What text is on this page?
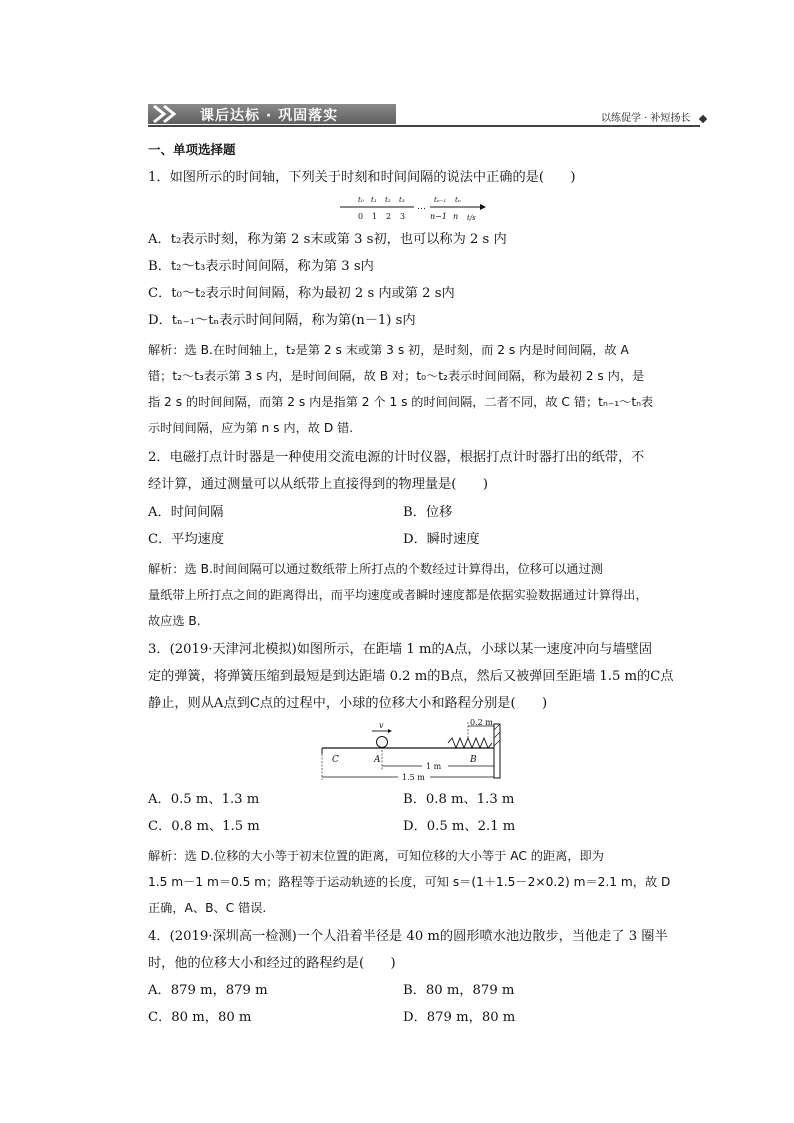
课后达标 · 巩固落实	以练促学 · 补短扬长
一、单项选择题
1．如图所示的时间轴，下列关于时刻和时间间隔的说法中正确的是(　　)
t₀ t₁ t₂ t₃	tₙ₋₁ tₙ
…
0 1 2 3	n−1 n t/s
A．t₂表示时刻，称为第 2 s末或第 3 s初，也可以称为 2 s 内
B．t₂～t₃表示时间间隔，称为第 3 s内
C．t₀～t₂表示时间间隔，称为最初 2 s 内或第 2 s内
D．tₙ₋₁～tₙ表示时间间隔，称为第(n－1) s内
解析：选 B.在时间轴上，t₂是第 2 s 末或第 3 s 初，是时刻，而 2 s 内是时间间隔，故 A
错；t₂～t₃表示第 3 s 内，是时间间隔，故 B 对；t₀～t₂表示时间间隔，称为最初 2 s 内，是
指 2 s 的时间间隔，而第 2 s 内是指第 2 个 1 s 的时间间隔，二者不同，故 C 错；tₙ₋₁～tₙ表
示时间间隔，应为第 n s 内，故 D 错.
2．电磁打点计时器是一种使用交流电源的计时仪器，根据打点计时器打出的纸带，不
经计算，通过测量可以从纸带上直接得到的物理量是(　　)
A．时间间隔	B．位移
C．平均速度	D．瞬时速度
解析：选 B.时间间隔可以通过数纸带上所打点的个数经过计算得出，位移可以通过测
量纸带上所打点之间的距离得出，而平均速度或者瞬时速度都是依据实验数据通过计算得出，
故应选 B.
3．(2019·天津河北模拟)如图所示，在距墙 1 m的A点，小球以某一速度冲向与墙壁固
定的弹簧，将弹簧压缩到最短是到达距墙 0.2 m的B点，然后又被弹回至距墙 1.5 m的C点
静止，则从A点到C点的过程中，小球的位移大小和路程分别是(　　)
v	0.2 m
C	A	B
1 m
1.5 m
A．0.5 m、1.3 m	B．0.8 m、1.3 m
C．0.8 m、1.5 m	D．0.5 m、2.1 m
解析：选 D.位移的大小等于初末位置的距离，可知位移的大小等于 AC 的距离，即为
1.5 m－1 m＝0.5 m；路程等于运动轨迹的长度，可知 s＝(1＋1.5－2×0.2) m＝2.1 m，故 D
正确，A、B、C 错误.
4．(2019·深圳高一检测)一个人沿着半径是 40 m的圆形喷水池边散步，当他走了 3 圈半
时，他的位移大小和经过的路程约是(　　)
A．879 m，879 m	B．80 m，879 m
C．80 m，80 m	D．879 m，80 m
